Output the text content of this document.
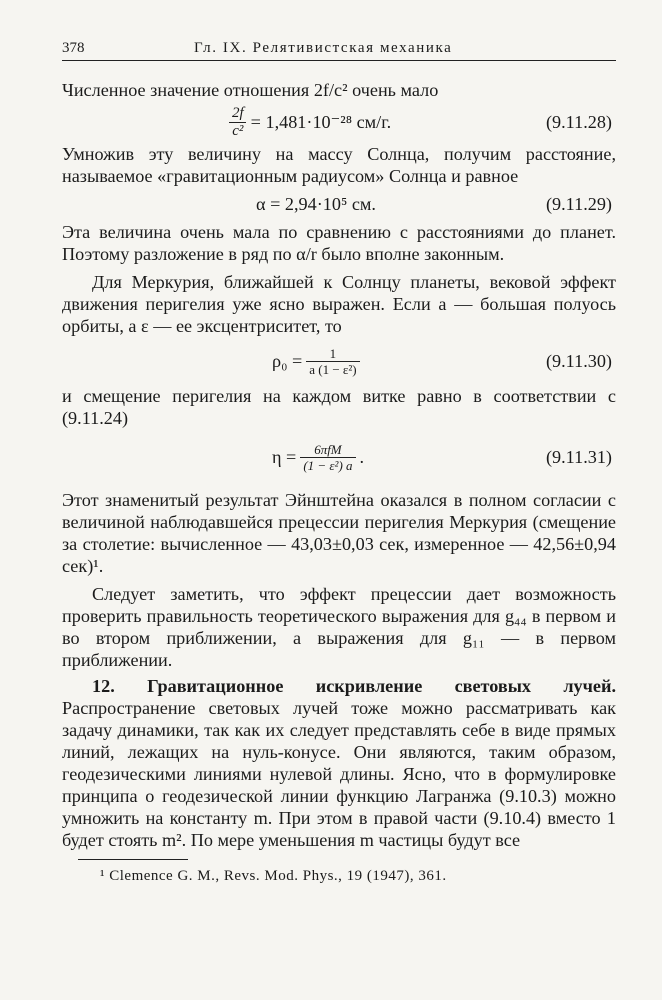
378	Гл. IX. Релятивистская механика

Численное значение отношения 2f/c² очень мало

$\frac{2f}{\text{c²}} = 1,481\cdot 10^{-28}$ см/г.	(9.11.28)

Умножив эту величину на массу Солнца, получим расстояние, называемое «гравитационным радиусом» Солнца и равное

α = 2,94·10⁵ см.	(9.11.29)

Эта величина очень мала по сравнению с расстояниями до планет. Поэтому разложение в ряд по α/r было вполне законным.

Для Меркурия, ближайшей к Солнцу планеты, вековой эффект движения перигелия уже ясно выражен. Если a — большая полуось орбиты, а ε — ее эксцентриситет, то

$\rho_0 = \frac{1}{\text{a (1 − ε²)}}$	(9.11.30)

и смещение перигелия на каждом витке равно в соответствии с (9.11.24)

$\eta = \frac{\text{6πfM}}{\text{(1 − ε²) a}}$ .	(9.11.31)

Этот знаменитый результат Эйнштейна оказался в полном согласии с величиной наблюдавшейся прецессии перигелия Меркурия (смещение за столетие: вычисленное — 43,03±0,03 сек, измеренное — 42,56±0,94 сек)¹.

Следует заметить, что эффект прецессии дает возможность проверить правильность теоретического выражения для g₄₄ в первом и во втором приближении, а выражения для g₁₁ — в первом приближении.

12. Гравитационное искривление световых лучей. Распространение световых лучей тоже можно рассматривать как задачу динамики, так как их следует представлять себе в виде прямых линий, лежащих на нуль-конусе. Они являются, таким образом, геодезическими линиями нулевой длины. Ясно, что в формулировке принципа о геодезической линии функцию Лагранжа (9.10.3) можно умножить на константу m. При этом в правой части (9.10.4) вместо 1 будет стоять m². По мере уменьшения m частицы будут все

¹ Clemence G. M., Revs. Mod. Phys., 19 (1947), 361.
